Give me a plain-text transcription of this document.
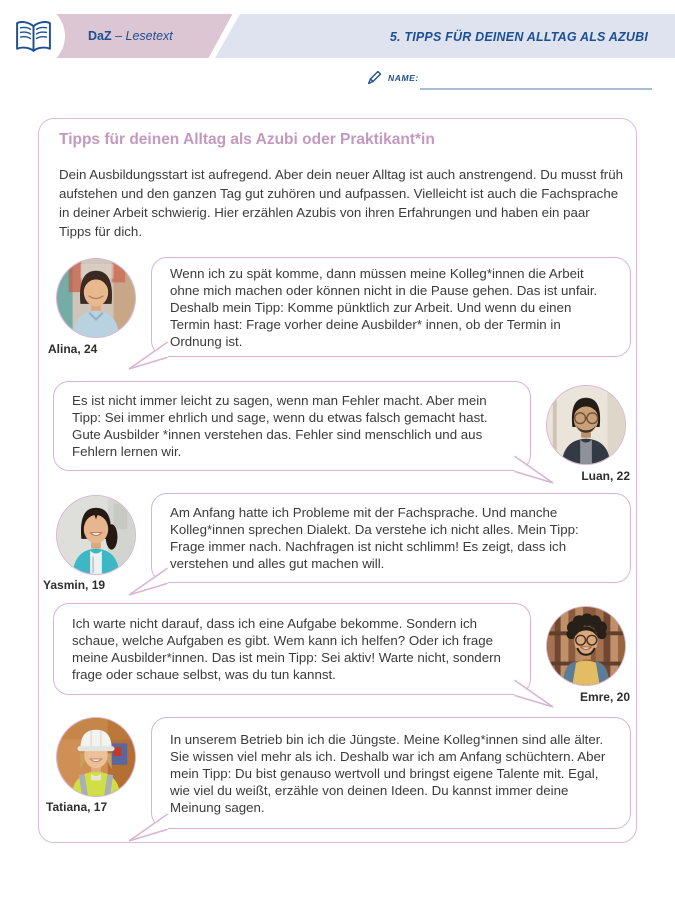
DaZ – Lesetext	5. TIPPS FÜR DEINEN ALLTAG ALS AZUBI
NAME:
Tipps für deinen Alltag als Azubi oder Praktikant*in
Dein Ausbildungsstart ist aufregend. Aber dein neuer Alltag ist auch anstrengend. Du musst früh aufstehen und den ganzen Tag gut zuhören und aufpassen. Vielleicht ist auch die Fachsprache in deiner Arbeit schwierig. Hier erzählen Azubis von ihren Erfahrungen und haben ein paar Tipps für dich.
Alina, 24
Wenn ich zu spät komme, dann müssen meine Kolleg*innen die Arbeit ohne mich machen oder können nicht in die Pause gehen. Das ist unfair. Deshalb mein Tipp: Komme pünktlich zur Arbeit. Und wenn du einen Termin hast: Frage vorher deine Ausbilder* innen, ob der Termin in Ordnung ist.
Es ist nicht immer leicht zu sagen, wenn man Fehler macht. Aber mein Tipp: Sei immer ehrlich und sage, wenn du etwas falsch gemacht hast. Gute Ausbilder *innen verstehen das. Fehler sind menschlich und aus Fehlern lernen wir.
Luan, 22
Yasmin, 19
Am Anfang hatte ich Probleme mit der Fachsprache. Und manche Kolleg*innen sprechen Dialekt. Da verstehe ich nicht alles. Mein Tipp: Frage immer nach. Nachfragen ist nicht schlimm! Es zeigt, dass ich verstehen und alles gut machen will.
Ich warte nicht darauf, dass ich eine Aufgabe bekomme. Sondern ich schaue, welche Aufgaben es gibt. Wem kann ich helfen? Oder ich frage meine Ausbilder*innen. Das ist mein Tipp: Sei aktiv! Warte nicht, sondern frage oder schaue selbst, was du tun kannst.
Emre, 20
Tatiana, 17
In unserem Betrieb bin ich die Jüngste. Meine Kolleg*innen sind alle älter. Sie wissen viel mehr als ich. Deshalb war ich am Anfang schüchtern. Aber mein Tipp: Du bist genauso wertvoll und bringst eigene Talente mit. Egal, wie viel du weißt, erzähle von deinen Ideen. Du kannst immer deine Meinung sagen.
